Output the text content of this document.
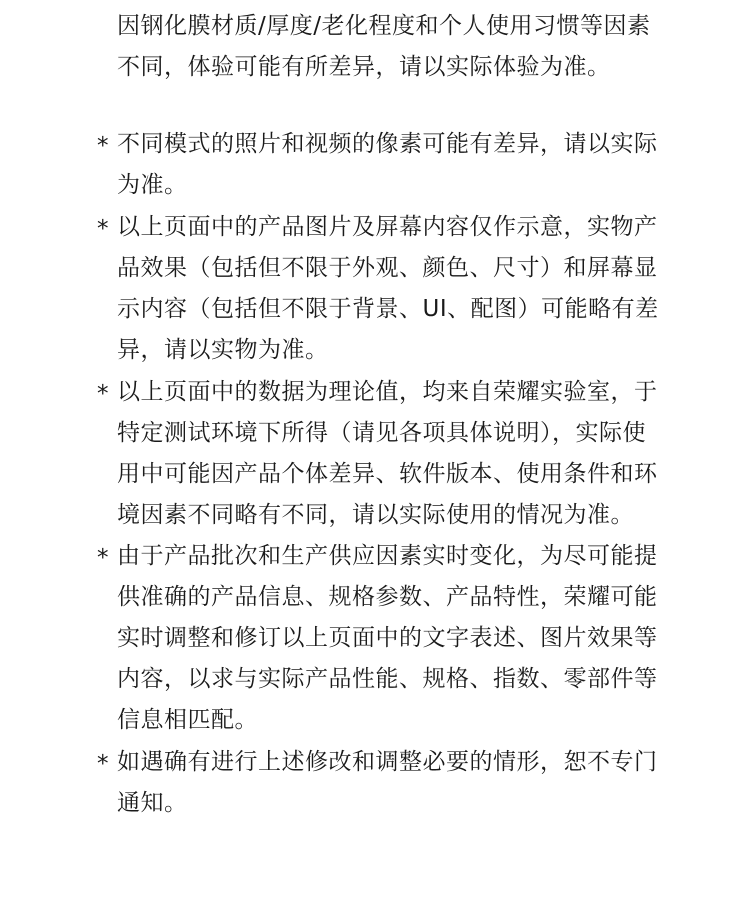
因钢化膜材质/厚度/老化程度和个人使用习惯等因素
不同，体验可能有所差异，请以实际体验为准。
* 不同模式的照片和视频的像素可能有差异，请以实际
为准。
* 以上页面中的产品图片及屏幕内容仅作示意，实物产
品效果（包括但不限于外观、颜色、尺寸）和屏幕显
示内容（包括但不限于背景、UI、配图）可能略有差
异，请以实物为准。
* 以上页面中的数据为理论值，均来自荣耀实验室，于
特定测试环境下所得（请见各项具体说明），实际使
用中可能因产品个体差异、软件版本、使用条件和环
境因素不同略有不同，请以实际使用的情况为准。
* 由于产品批次和生产供应因素实时变化，为尽可能提
供准确的产品信息、规格参数、产品特性，荣耀可能
实时调整和修订以上页面中的文字表述、图片效果等
内容，以求与实际产品性能、规格、指数、零部件等
信息相匹配。
* 如遇确有进行上述修改和调整必要的情形，恕不专门
通知。
